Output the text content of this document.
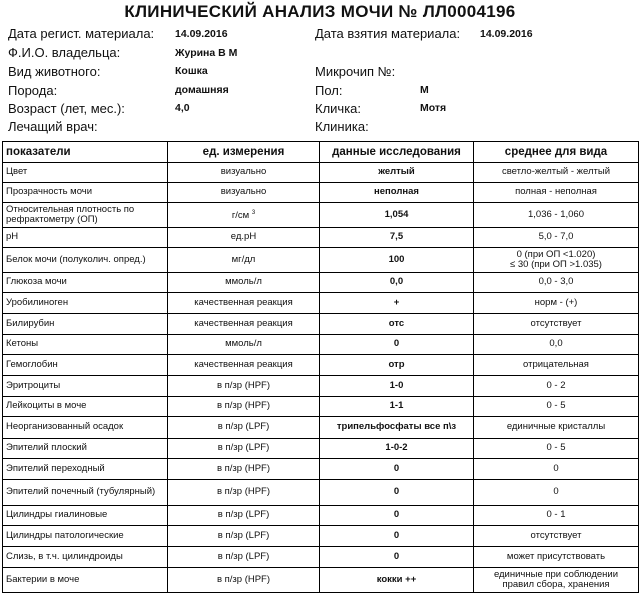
КЛИНИЧЕСКИЙ АНАЛИЗ МОЧИ № ЛЛ0004196
Дата регист. материала: 14.09.2016	Дата взятия материала: 14.09.2016
Ф.И.О. владельца:	Журина В М
Вид животного:	Кошка	Микрочип №:
Порода:	домашняя	Пол:	М
Возраст (лет, мес.):	4,0	Кличка:	Мотя
Лечащий врач:	Клиника:
показатели	ед. измерения	данные исследования	среднее для вида
Цвет	визуально	желтый	светло-желтый - желтый

Прозрачность мочи	визуально	неполная	полная - неполная

Относительная плотность по рефрактометру (ОП)	г/см $^3$	1,054	1,036 - 1,060

pH	ед.pH	7,5	5,0 - 7,0

Белок мочи (полуколич. опред.)	мг/дл	100	0 (при ОП <1.020)
≤ 30 (при ОП >1.035)

Глюкоза мочи	ммоль/л	0,0	0,0 - 3,0

Уробилиноген	качественная реакция	+	норм - (+)

Билирубин	качественная реакция	отс	отсутствует

Кетоны	ммоль/л	0	0,0

Гемоглобин	качественная реакция	отр	отрицательная

Эритроциты	в п/зр (HPF)	1-0	0 - 2

Лейкоциты в моче	в п/зр (HPF)	1-1	0 - 5

Неорганизованный осадок	в п/зр (LPF)	трипельфосфаты все п\з	единичные кристаллы

Эпителий плоский	в п/зр (LPF)	1-0-2	0 - 5

Эпителий переходный	в п/зр (HPF)	0	0

Эпителий почечный (тубулярный)	в п/зр (HPF)	0	0

Цилиндры гиалиновые	в п/зр (LPF)	0	0 - 1

Цилиндры патологические	в п/зр (LPF)	0	отсутствует

Слизь, в т.ч. цилиндроиды	в п/зр (LPF)	0	может присутствовать

Бактерии в моче	в п/зр (HPF)	кокки ++	единичные при соблюдении
правил сбора, хранения
